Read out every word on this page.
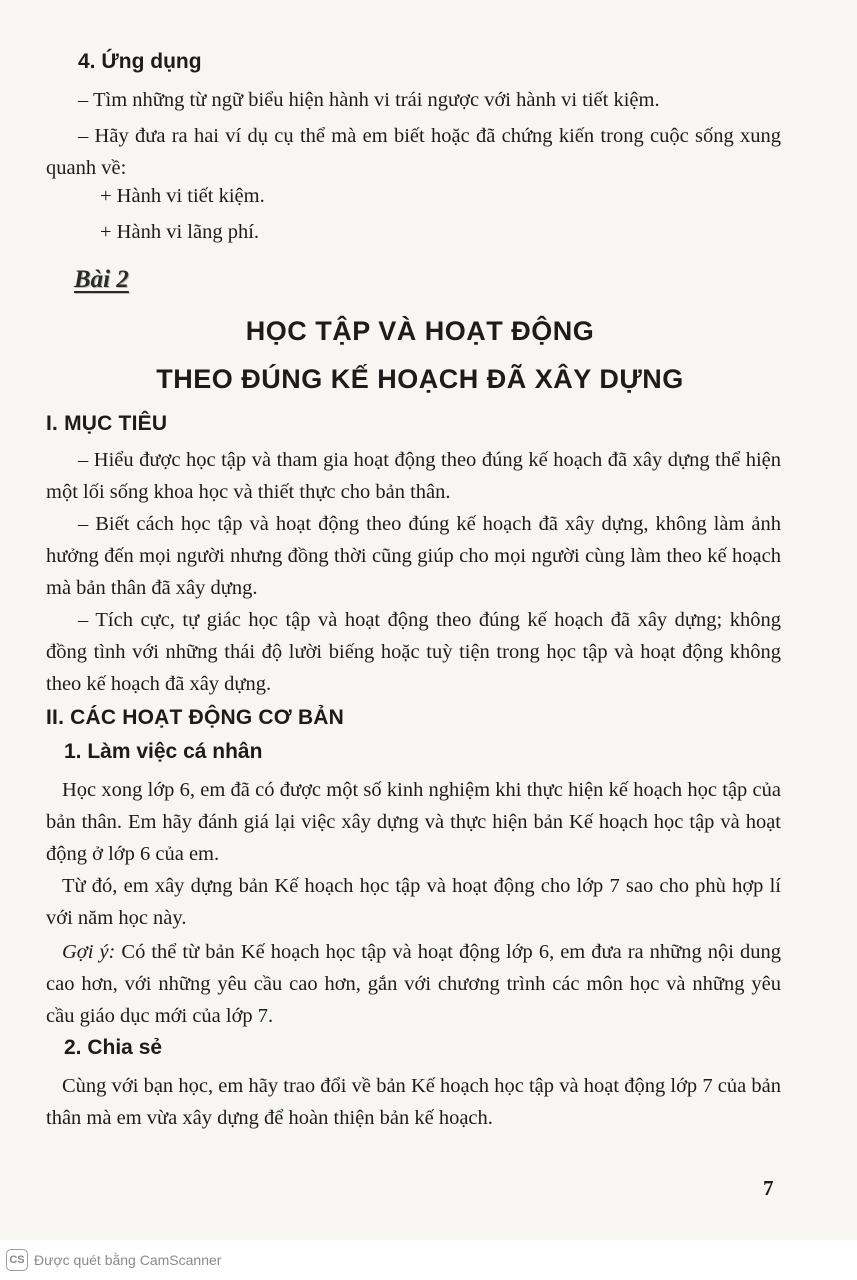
4. Ứng dụng

– Tìm những từ ngữ biểu hiện hành vi trái ngược với hành vi tiết kiệm.

– Hãy đưa ra hai ví dụ cụ thể mà em biết hoặc đã chứng kiến trong cuộc sống xung quanh về:

+ Hành vi tiết kiệm.

+ Hành vi lãng phí.

Bài 2
HỌC TẬP VÀ HOẠT ĐỘNG
THEO ĐÚNG KẾ HOẠCH ĐÃ XÂY DỰNG
I. MỤC TIÊU

– Hiểu được học tập và tham gia hoạt động theo đúng kế hoạch đã xây dựng thể hiện một lối sống khoa học và thiết thực cho bản thân.

– Biết cách học tập và hoạt động theo đúng kế hoạch đã xây dựng, không làm ảnh hưởng đến mọi người nhưng đồng thời cũng giúp cho mọi người cùng làm theo kế hoạch mà bản thân đã xây dựng.

– Tích cực, tự giác học tập và hoạt động theo đúng kế hoạch đã xây dựng; không đồng tình với những thái độ lười biếng hoặc tuỳ tiện trong học tập và hoạt động không theo kế hoạch đã xây dựng.

II. CÁC HOẠT ĐỘNG CƠ BẢN
1. Làm việc cá nhân

Học xong lớp 6, em đã có được một số kinh nghiệm khi thực hiện kế hoạch học tập của bản thân. Em hãy đánh giá lại việc xây dựng và thực hiện bản Kế hoạch học tập và hoạt động ở lớp 6 của em.

Từ đó, em xây dựng bản Kế hoạch học tập và hoạt động cho lớp 7 sao cho phù hợp lí với năm học này.

Gợi ý: Có thể từ bản Kế hoạch học tập và hoạt động lớp 6, em đưa ra những nội dung cao hơn, với những yêu cầu cao hơn, gắn với chương trình các môn học và những yêu cầu giáo dục mới của lớp 7.

2. Chia sẻ

Cùng với bạn học, em hãy trao đổi về bản Kế hoạch học tập và hoạt động lớp 7 của bản thân mà em vừa xây dựng để hoàn thiện bản kế hoạch.

7
CS Được quét bằng CamScanner
